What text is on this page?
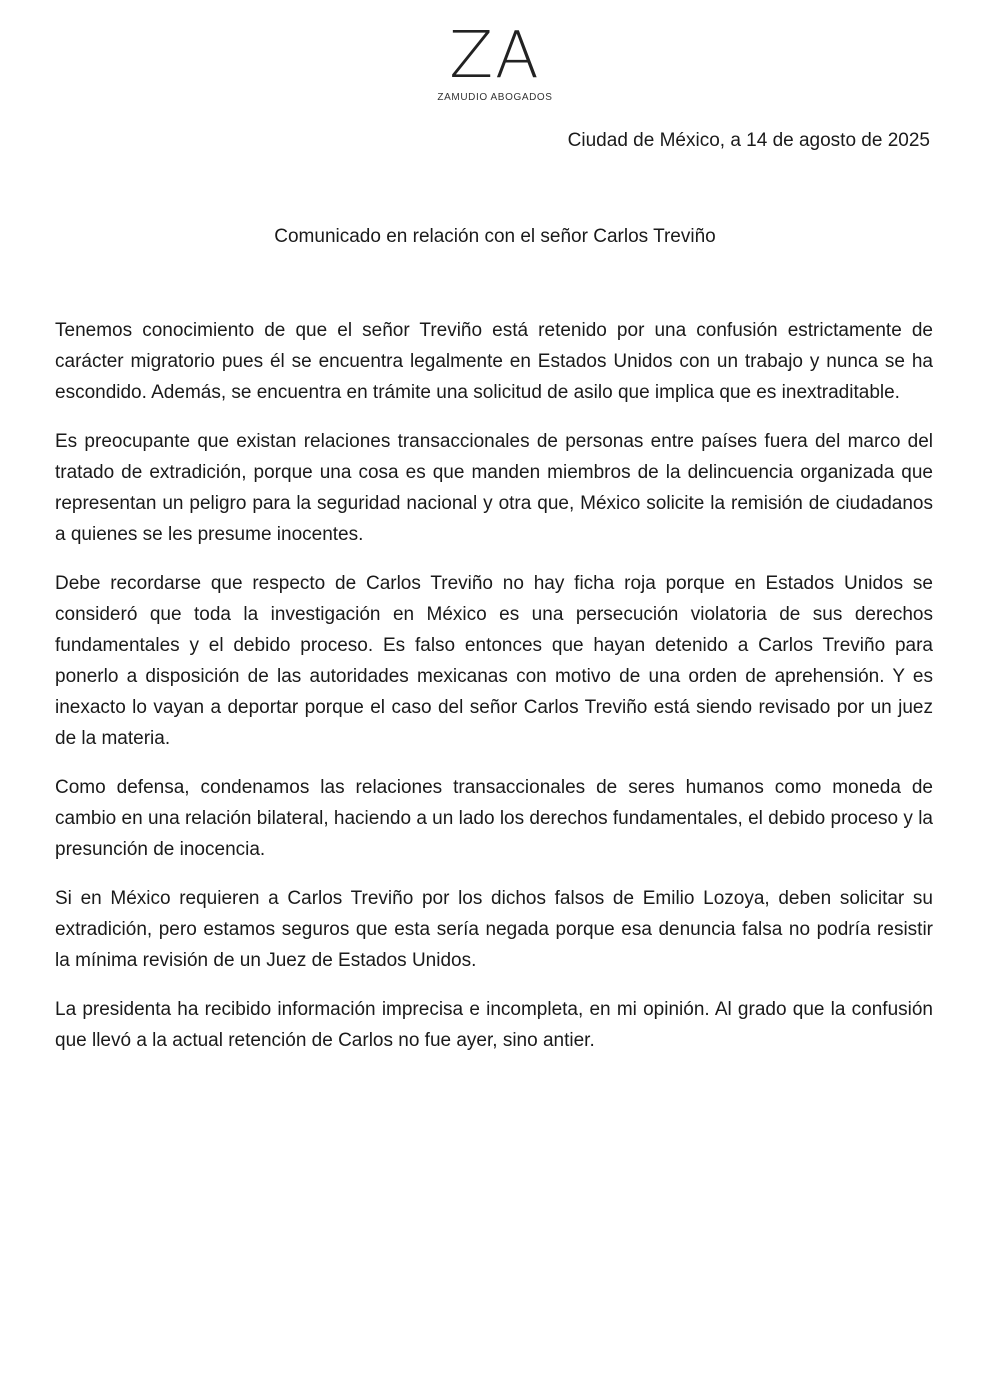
ZA
ZAMUDIO ABOGADOS

Ciudad de México, a 14 de agosto de 2025

Comunicado en relación con el señor Carlos Treviño

Tenemos conocimiento de que el señor Treviño está retenido por una confusión estrictamente de carácter migratorio pues él se encuentra legalmente en Estados Unidos con un trabajo y nunca se ha escondido. Además, se encuentra en trámite una solicitud de asilo que implica que es inextraditable.

Es preocupante que existan relaciones transaccionales de personas entre países fuera del marco del tratado de extradición, porque una cosa es que manden miembros de la delincuencia organizada que representan un peligro para la seguridad nacional y otra que, México solicite la remisión de ciudadanos a quienes se les presume inocentes.

Debe recordarse que respecto de Carlos Treviño no hay ficha roja porque en Estados Unidos se consideró que toda la investigación en México es una persecución violatoria de sus derechos fundamentales y el debido proceso. Es falso entonces que hayan detenido a Carlos Treviño para ponerlo a disposición de las autoridades mexicanas con motivo de una orden de aprehensión. Y es inexacto lo vayan a deportar porque el caso del señor Carlos Treviño está siendo revisado por un juez de la materia.

Como defensa, condenamos las relaciones transaccionales de seres humanos como moneda de cambio en una relación bilateral, haciendo a un lado los derechos fundamentales, el debido proceso y la presunción de inocencia.

Si en México requieren a Carlos Treviño por los dichos falsos de Emilio Lozoya, deben solicitar su extradición, pero estamos seguros que esta sería negada porque esa denuncia falsa no podría resistir la mínima revisión de un Juez de Estados Unidos.

La presidenta ha recibido información imprecisa e incompleta, en mi opinión. Al grado que la confusión que llevó a la actual retención de Carlos no fue ayer, sino antier.
